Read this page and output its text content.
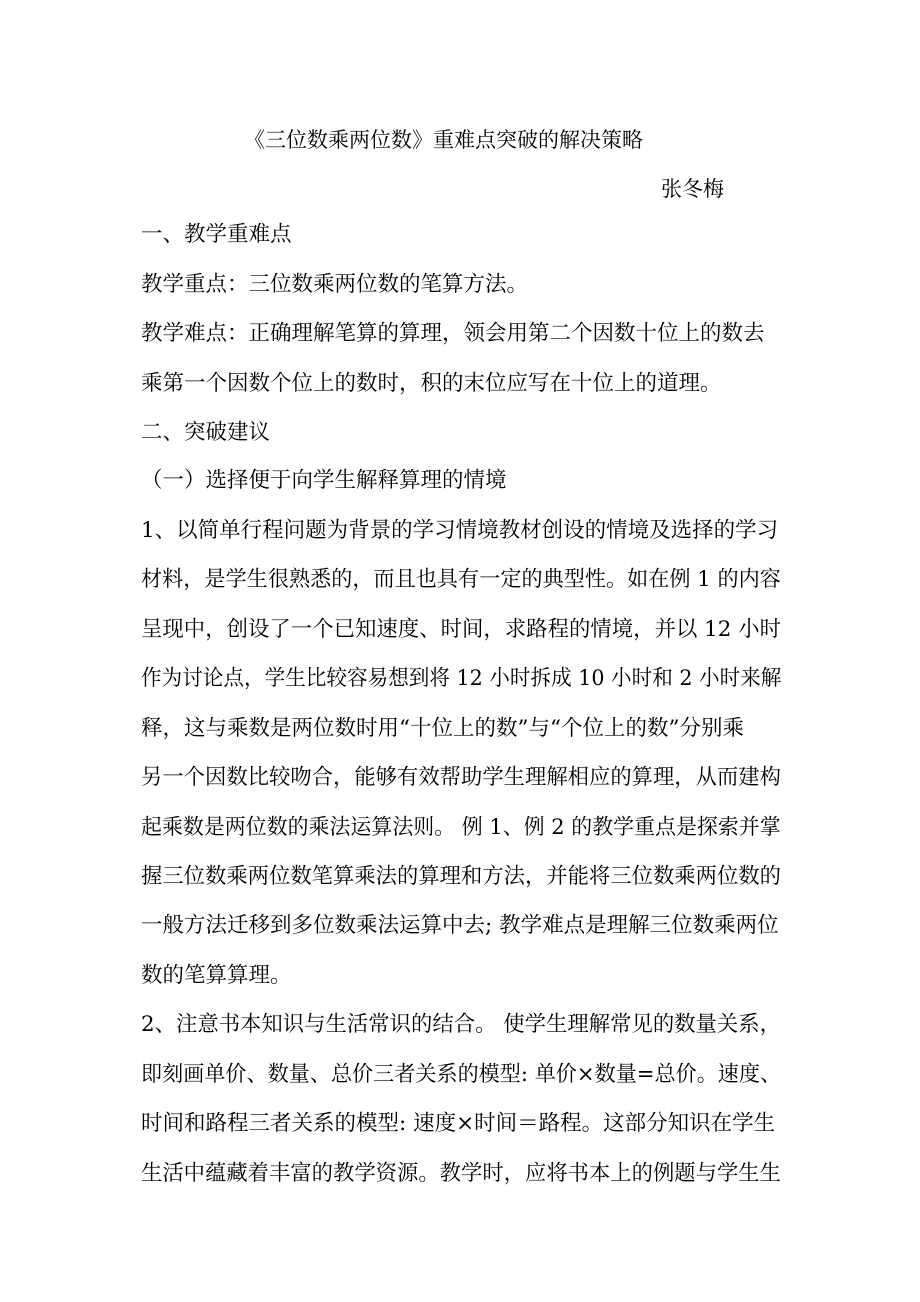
《三位数乘两位数》重难点突破的解决策略
张冬梅
一、教学重难点
教学重点：三位数乘两位数的笔算方法。
教学难点：正确理解笔算的算理，领会用第二个因数十位上的数去
乘第一个因数个位上的数时，积的末位应写在十位上的道理。
二、突破建议
（一）选择便于向学生解释算理的情境
1、以简单行程问题为背景的学习情境教材创设的情境及选择的学习
材料，是学生很熟悉的，而且也具有一定的典型性。如在例 1 的内容
呈现中，创设了一个已知速度、时间，求路程的情境，并以 12 小时
作为讨论点，学生比较容易想到将 12 小时拆成 10 小时和 2 小时来解
释，这与乘数是两位数时用“十位上的数”与“个位上的数”分别乘
另一个因数比较吻合，能够有效帮助学生理解相应的算理，从而建构
起乘数是两位数的乘法运算法则。 例 1、例 2 的教学重点是探索并掌
握三位数乘两位数笔算乘法的算理和方法，并能将三位数乘两位数的
一般方法迁移到多位数乘法运算中去; 教学难点是理解三位数乘两位
数的笔算算理。
2、注意书本知识与生活常识的结合。 使学生理解常见的数量关系，
即刻画单价、数量、总价三者关系的模型: 单价×数量=总价。速度、
时间和路程三者关系的模型: 速度×时间＝路程。这部分知识在学生
生活中蕴藏着丰富的教学资源。教学时，应将书本上的例题与学生生
